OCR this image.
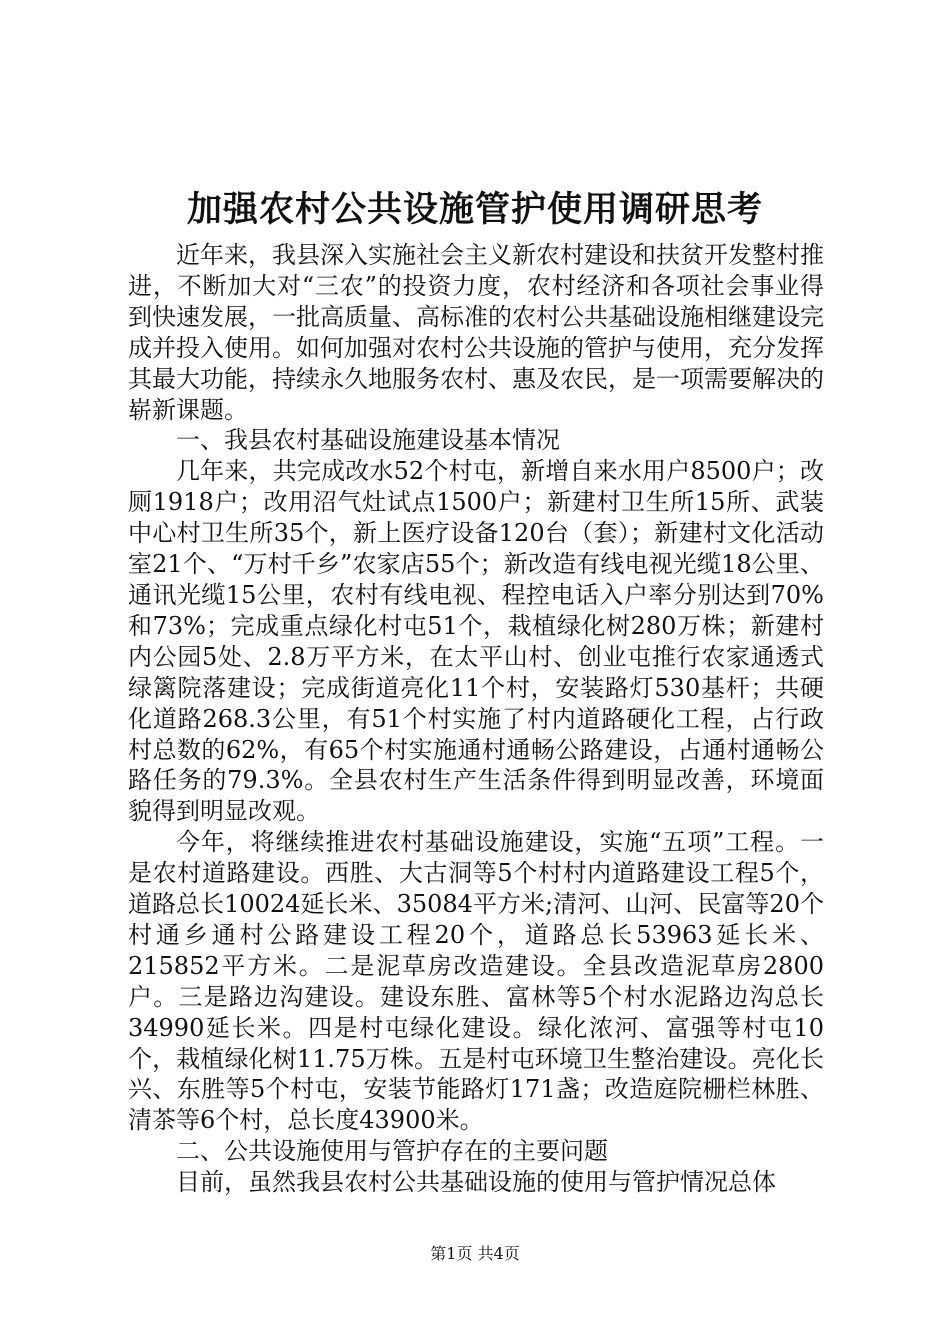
加强农村公共设施管护使用调研思考

近年来，我县深入实施社会主义新农村建设和扶贫开发整村推进，不断加大对“三农”的投资力度，农村经济和各项社会事业得到快速发展，一批高质量、高标准的农村公共基础设施相继建设完成并投入使用。如何加强对农村公共设施的管护与使用，充分发挥其最大功能，持续永久地服务农村、惠及农民，是一项需要解决的崭新课题。

一、我县农村基础设施建设基本情况

几年来，共完成改水52个村屯，新增自来水用户8500户；改厕1918户；改用沼气灶试点1500户；新建村卫生所15所、武装中心村卫生所35个，新上医疗设备120台（套）；新建村文化活动室21个、“万村千乡”农家店55个；新改造有线电视光缆18公里、通讯光缆15公里，农村有线电视、程控电话入户率分别达到70%和73%；完成重点绿化村屯51个，栽植绿化树280万株；新建村内公园5处、2.8万平方米，在太平山村、创业屯推行农家通透式绿篱院落建设；完成街道亮化11个村，安装路灯530基杆；共硬化道路268.3公里，有51个村实施了村内道路硬化工程，占行政村总数的62%，有65个村实施通村通畅公路建设，占通村通畅公路任务的79.3%。全县农村生产生活条件得到明显改善，环境面貌得到明显改观。

今年，将继续推进农村基础设施建设，实施“五项”工程。一是农村道路建设。西胜、大古洞等5个村村内道路建设工程5个，道路总长10024延长米、35084平方米;清河、山河、民富等20个村通乡通村公路建设工程20个，道路总长53963延长米、215852平方米。二是泥草房改造建设。全县改造泥草房2800户。三是路边沟建设。建设东胜、富林等5个村水泥路边沟总长34990延长米。四是村屯绿化建设。绿化浓河、富强等村屯10个，栽植绿化树11.75万株。五是村屯环境卫生整治建设。亮化长兴、东胜等5个村屯，安装节能路灯171盏；改造庭院栅栏林胜、清茶等6个村，总长度43900米。

二、公共设施使用与管护存在的主要问题

目前，虽然我县农村公共基础设施的使用与管护情况总体

第1页 共4页
